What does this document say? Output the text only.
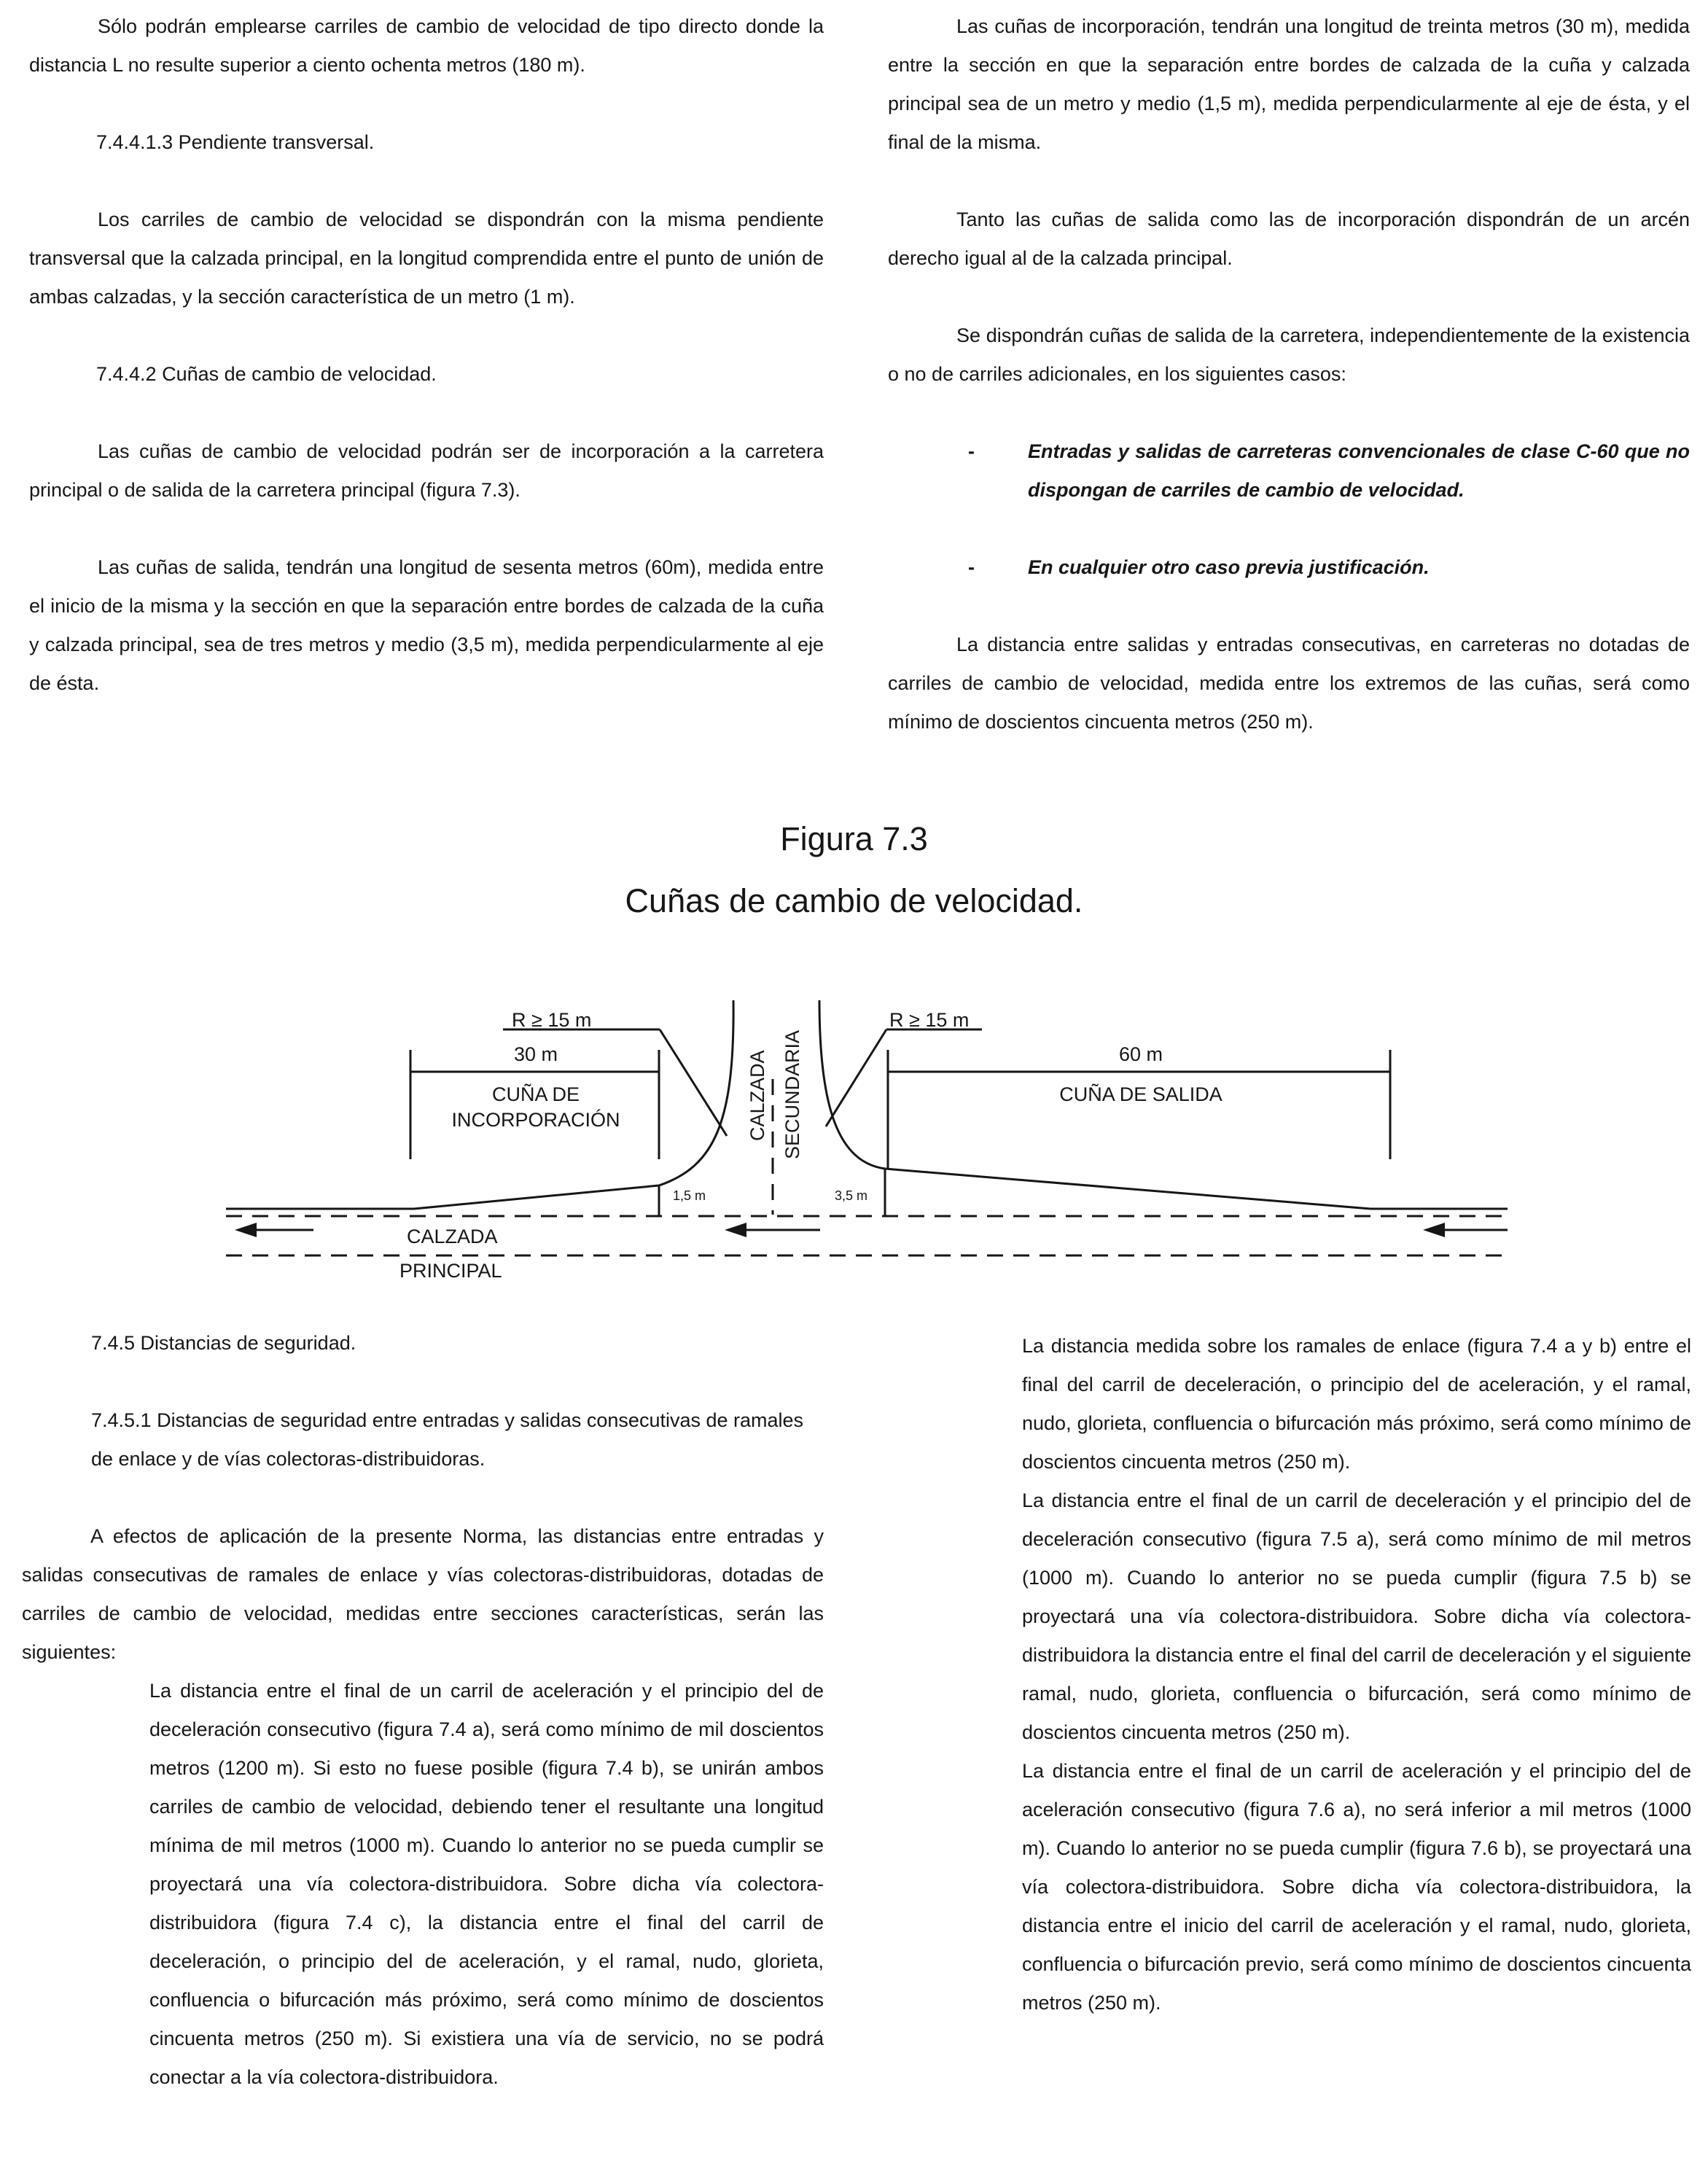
Sólo podrán emplearse carriles de cambio de velocidad de tipo directo donde la distancia L no resulte superior a ciento ochenta metros (180 m).

7.4.4.1.3 Pendiente transversal.

Los carriles de cambio de velocidad se dispondrán con la misma pendiente transversal que la calzada principal, en la longitud comprendida entre el punto de unión de ambas calzadas, y la sección característica de un metro (1 m).

7.4.4.2 Cuñas de cambio de velocidad.

Las cuñas de cambio de velocidad podrán ser de incorporación a la carretera principal o de salida de la carretera principal (figura 7.3).

Las cuñas de salida, tendrán una longitud de sesenta metros (60m), medida entre el inicio de la misma y la sección en que la separación entre bordes de calzada de la cuña y calzada principal, sea de tres metros y medio (3,5 m), medida perpendicularmente al eje de ésta.

Las cuñas de incorporación, tendrán una longitud de treinta metros (30 m), medida entre la sección en que la separación entre bordes de calzada de la cuña y calzada principal sea de un metro y medio (1,5 m), medida perpendicularmente al eje de ésta, y el final de la misma.

Tanto las cuñas de salida como las de incorporación dispondrán de un arcén derecho igual al de la calzada principal.

Se dispondrán cuñas de salida de la carretera, independientemente de la existencia o no de carriles adicionales, en los siguientes casos:

-	Entradas y salidas de carreteras convencionales de clase C-60 que no dispongan de carriles de cambio de velocidad.

-	En cualquier otro caso previa justificación.

La distancia entre salidas y entradas consecutivas, en carreteras no dotadas de carriles de cambio de velocidad, medida entre los extremos de las cuñas, será como mínimo de doscientos cincuenta metros (250 m).

Figura 7.3
Cuñas de cambio de velocidad.
R ≥ 15 m	R ≥ 15 m
30 m	60 m
CUÑA DE
INCORPORACIÓN
CUÑA DE SALIDA
CALZADA SECUNDARIA
1,5 m	3,5 m
CALZADA
PRINCIPAL

7.4.5 Distancias de seguridad.

7.4.5.1 Distancias de seguridad entre entradas y salidas consecutivas de ramales de enlace y de vías colectoras-distribuidoras.

A efectos de aplicación de la presente Norma, las distancias entre entradas y salidas consecutivas de ramales de enlace y vías colectoras-distribuidoras, dotadas de carriles de cambio de velocidad, medidas entre secciones características, serán las siguientes:

La distancia entre el final de un carril de aceleración y el principio del de deceleración consecutivo (figura 7.4 a), será como mínimo de mil doscientos metros (1200 m). Si esto no fuese posible (figura 7.4 b), se unirán ambos carriles de cambio de velocidad, debiendo tener el resultante una longitud mínima de mil metros (1000 m). Cuando lo anterior no se pueda cumplir se proyectará una vía colectora-distribuidora. Sobre dicha vía colectora-distribuidora (figura 7.4 c), la distancia entre el final del carril de deceleración, o principio del de aceleración, y el ramal, nudo, glorieta, confluencia o bifurcación más próximo, será como mínimo de doscientos cincuenta metros (250 m). Si existiera una vía de servicio, no se podrá conectar a la vía colectora-distribuidora.

La distancia medida sobre los ramales de enlace (figura 7.4 a y b) entre el final del carril de deceleración, o principio del de aceleración, y el ramal, nudo, glorieta, confluencia o bifurcación más próximo, será como mínimo de doscientos cincuenta metros (250 m).

La distancia entre el final de un carril de deceleración y el principio del de deceleración consecutivo (figura 7.5 a), será como mínimo de mil metros (1000 m). Cuando lo anterior no se pueda cumplir (figura 7.5 b) se proyectará una vía colectora-distribuidora. Sobre dicha vía colectora-distribuidora la distancia entre el final del carril de deceleración y el siguiente ramal, nudo, glorieta, confluencia o bifurcación, será como mínimo de doscientos cincuenta metros (250 m).

La distancia entre el final de un carril de aceleración y el principio del de aceleración consecutivo (figura 7.6 a), no será inferior a mil metros (1000 m). Cuando lo anterior no se pueda cumplir (figura 7.6 b), se proyectará una vía colectora-distribuidora. Sobre dicha vía colectora-distribuidora, la distancia entre el inicio del carril de aceleración y el ramal, nudo, glorieta, confluencia o bifurcación previo, será como mínimo de doscientos cincuenta metros (250 m).
